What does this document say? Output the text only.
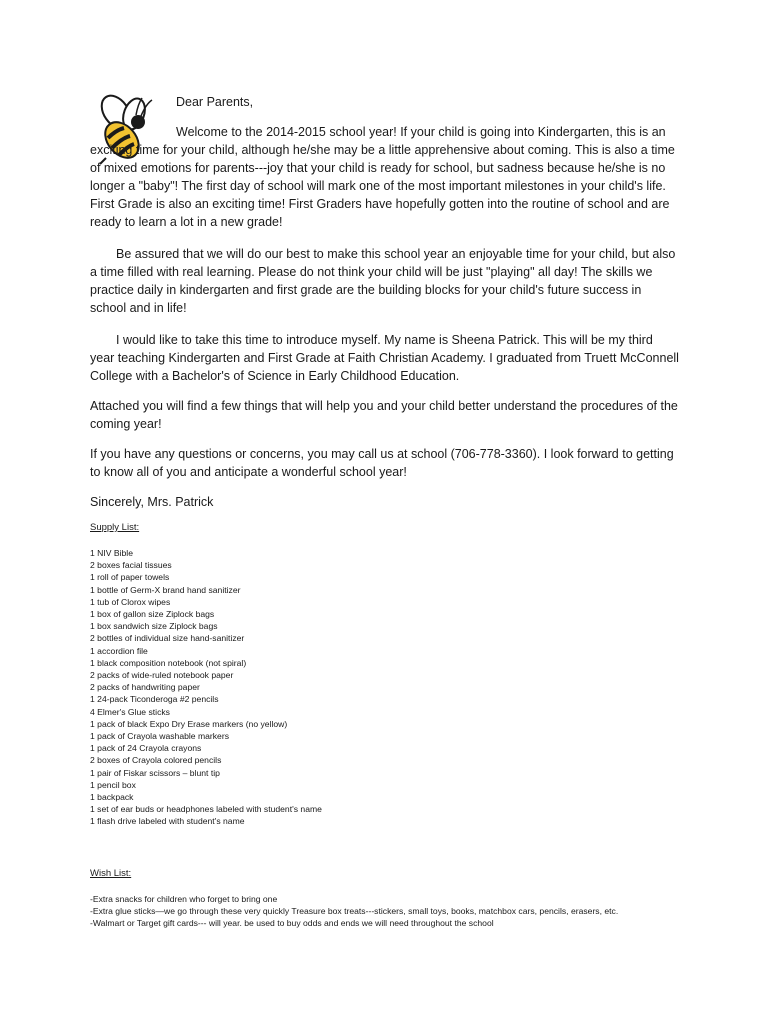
Dear Parents,

Welcome to the 2014-2015 school year! If your child is going into Kindergarten, this is an exciting time for your child, although he/she may be a little apprehensive about coming. This is also a time of mixed emotions for parents---joy that your child is ready for school, but sadness because he/she is no longer a "baby"! The first day of school will mark one of the most important milestones in your child's life. First Grade is also an exciting time! First Graders have hopefully gotten into the routine of school and are ready to learn a lot in a new grade!

Be assured that we will do our best to make this school year an enjoyable time for your child, but also a time filled with real learning. Please do not think your child will be just "playing" all day! The skills we practice daily in kindergarten and first grade are the building blocks for your child's future success in school and in life!

I would like to take this time to introduce myself. My name is Sheena Patrick. This will be my third year teaching Kindergarten and First Grade at Faith Christian Academy. I graduated from Truett McConnell College with a Bachelor's of Science in Early Childhood Education.

Attached you will find a few things that will help you and your child better understand the procedures of the coming year!

If you have any questions or concerns, you may call us at school (706-778-3360). I look forward to getting to know all of you and anticipate a wonderful school year!

Sincerely, Mrs. Patrick

Supply List:

1 NIV Bible
2 boxes facial tissues
1 roll of paper towels
1 bottle of Germ-X brand hand sanitizer
1 tub of Clorox wipes
1 box of gallon size Ziplock bags
1 box sandwich size Ziplock bags
2 bottles of individual size hand-sanitizer
1 accordion file
1 black composition notebook (not spiral)
2 packs of wide-ruled notebook paper
2 packs of handwriting paper
1 24-pack Ticonderoga #2 pencils
4 Elmer's Glue sticks
1 pack of black Expo Dry Erase markers (no yellow)
1 pack of Crayola washable markers
1 pack of 24 Crayola crayons
2 boxes of Crayola colored pencils
1 pair of Fiskar scissors – blunt tip
1 pencil box
1 backpack
1 set of ear buds or headphones labeled with student's name
1 flash drive labeled with student's name

Wish List:

-Extra snacks for children who forget to bring one
-Extra glue sticks—we go through these very quickly Treasure box treats---stickers, small toys, books, matchbox cars, pencils, erasers, etc.
-Walmart or Target gift cards--- will year. be used to buy odds and ends we will need throughout the school
